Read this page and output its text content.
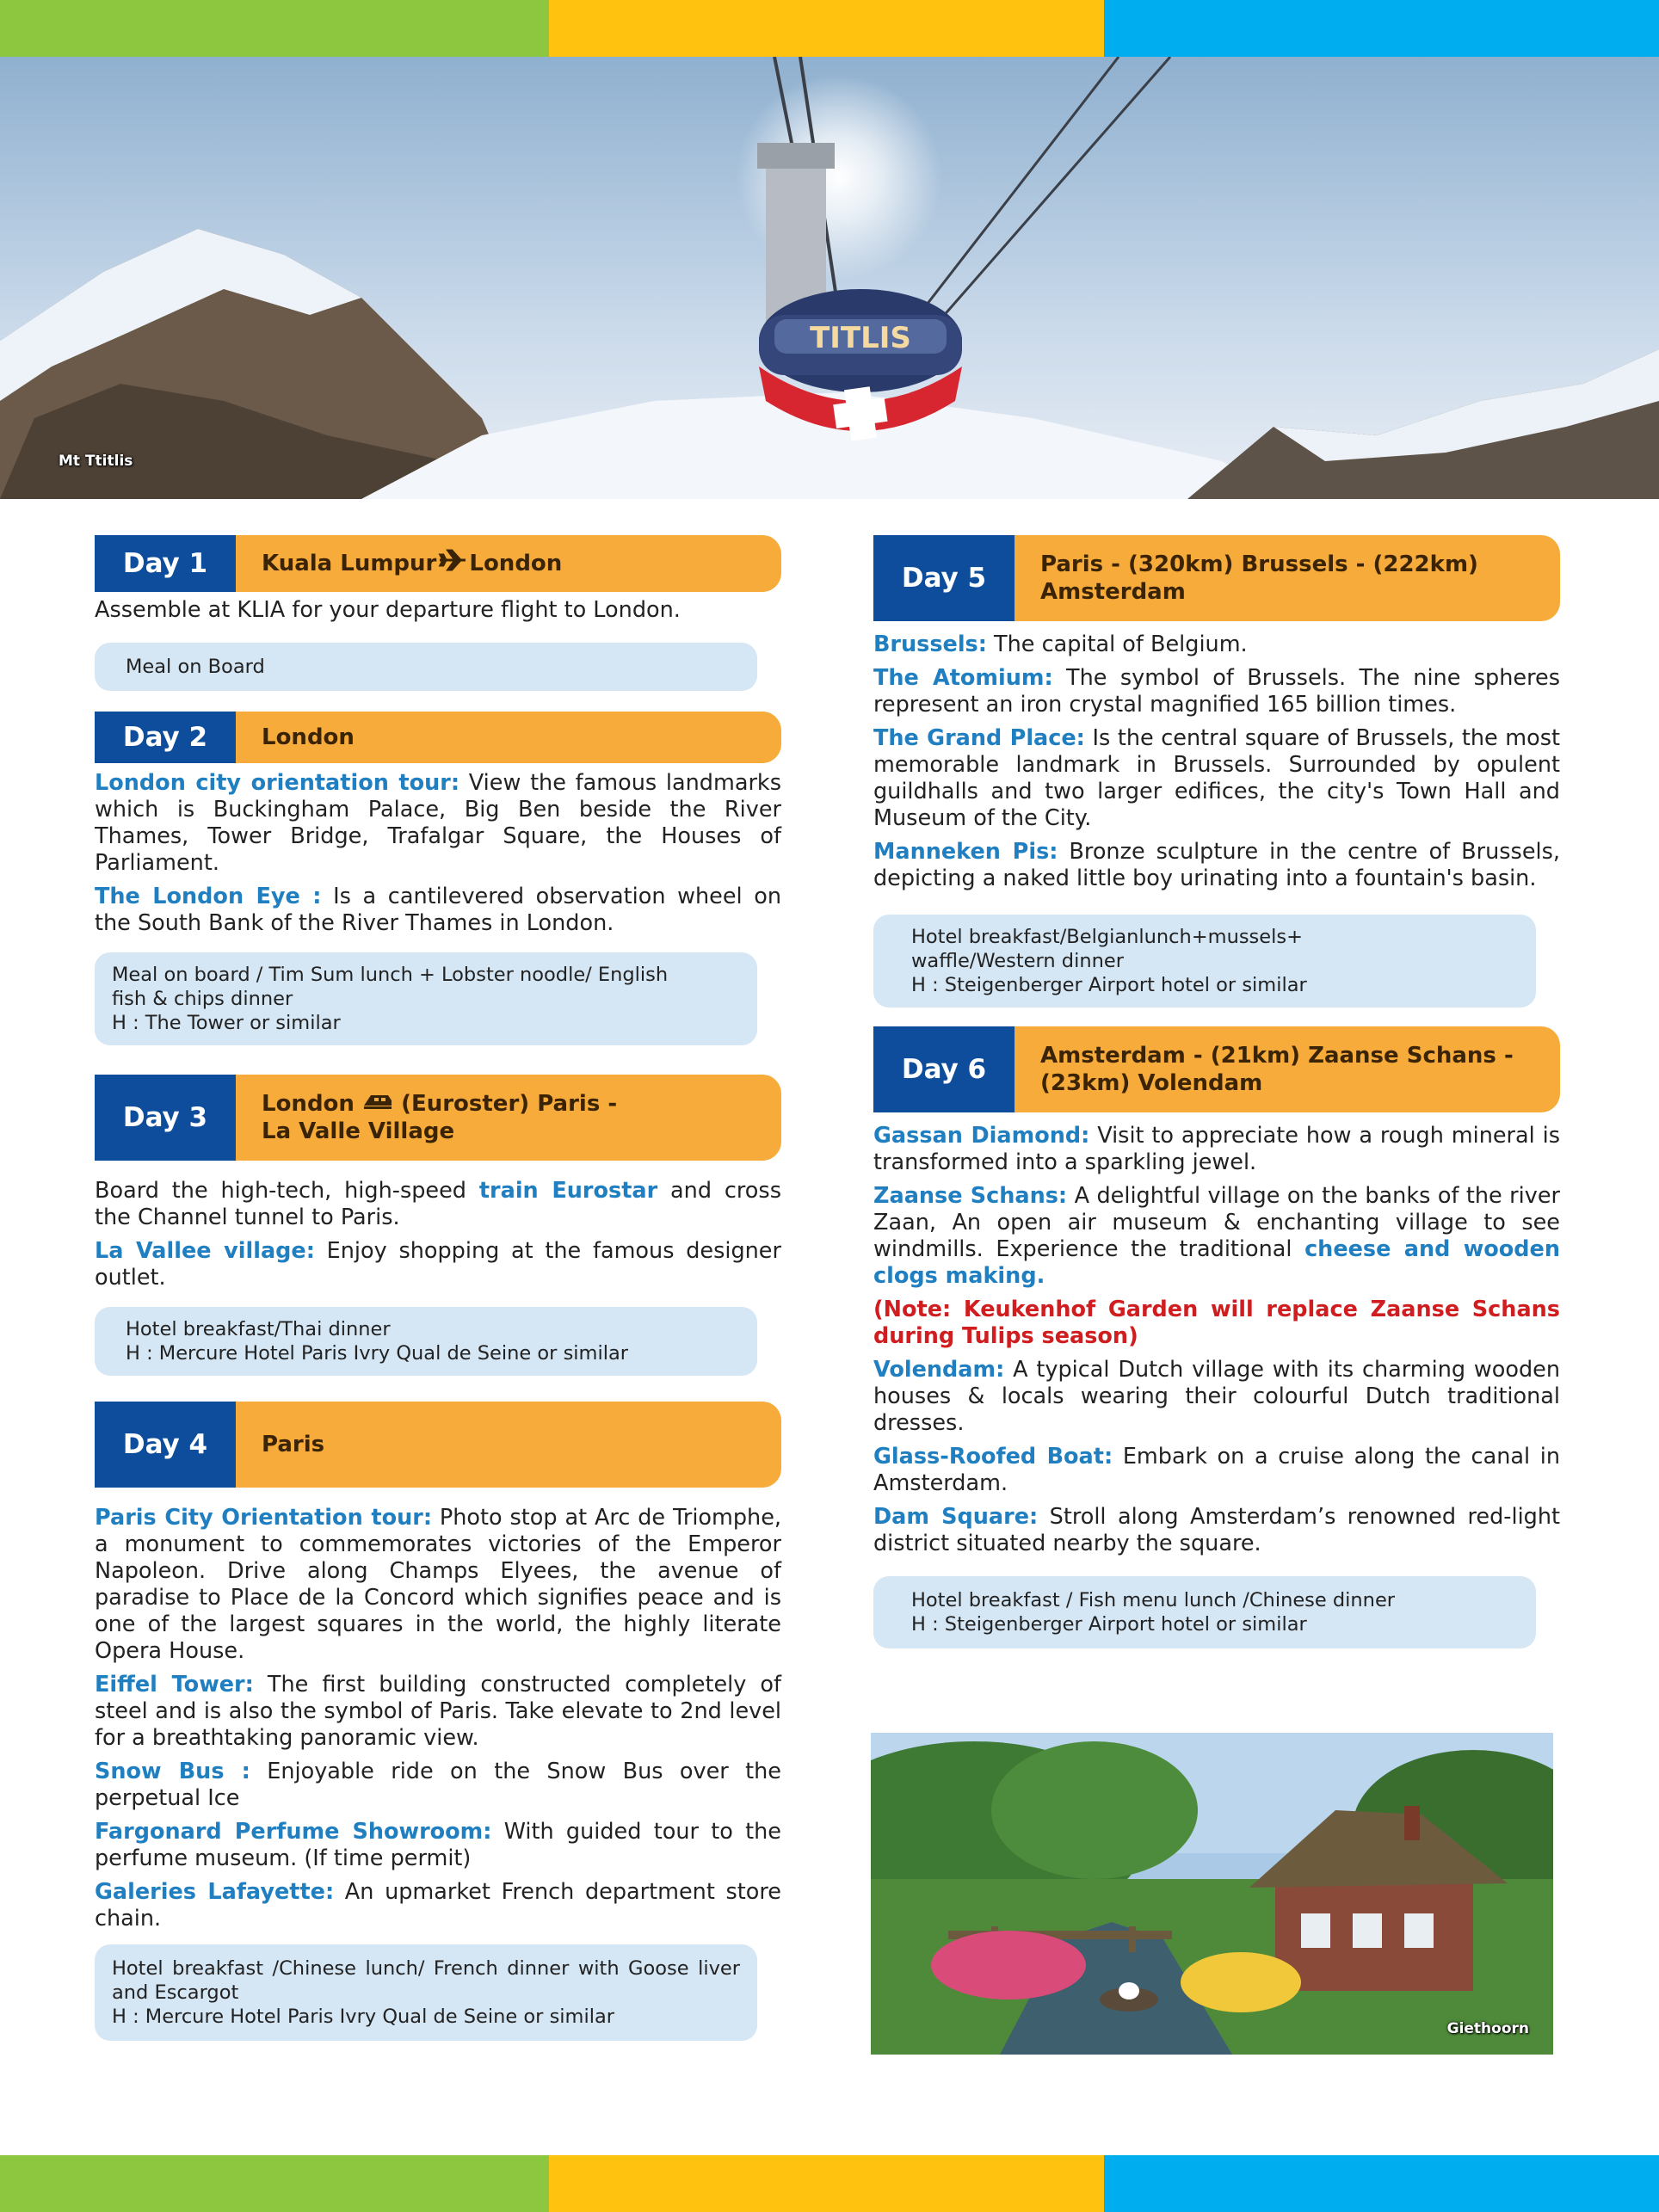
TITLIS
Mt Ttitlis
Day 1	Kuala Lumpur London

Assemble at KLIA for your departure flight to London.

Meal on Board
Day 2	London

London city orientation tour: View the famous landmarks which is Buckingham Palace, Big Ben beside the River Thames, Tower Bridge, Trafalgar Square, the Houses of Parliament.

The London Eye : Is a cantilevered observation wheel on the South Bank of the River Thames in London.

Meal on board / Tim Sum lunch + Lobster noodle/ English
fish & chips dinner
H : The Tower or similar
Day 3	London (Euroster) Paris -
La Valle Village

Board the high-tech, high-speed train Eurostar and cross the Channel tunnel to Paris.

La Vallee village: Enjoy shopping at the famous designer outlet.

Hotel breakfast/Thai dinner
H : Mercure Hotel Paris Ivry Qual de Seine or similar
Day 4	Paris

Paris City Orientation tour: Photo stop at Arc de Triomphe, a monument to commemorates victories of the Emperor Napoleon. Drive along Champs Elyees, the avenue of paradise to Place de la Concord which signifies peace and is one of the largest squares in the world, the highly literate Opera House.

Eiffel Tower: The first building constructed completely of steel and is also the symbol of Paris. Take elevate to 2nd level for a breathtaking panoramic view.

Snow Bus : Enjoyable ride on the Snow Bus over the perpetual Ice

Fargonard Perfume Showroom: With guided tour to the perfume museum. (If time permit)

Galeries Lafayette: An upmarket French department store chain.

Hotel breakfast /Chinese lunch/ French dinner with Goose liver and Escargot
H : Mercure Hotel Paris Ivry Qual de Seine or similar
Day 5	Paris - (320km) Brussels - (222km)
Amsterdam

Brussels: The capital of Belgium.

The Atomium: The symbol of Brussels. The nine spheres represent an iron crystal magnified 165 billion times.

The Grand Place: Is the central square of Brussels, the most memorable landmark in Brussels. Surrounded by opulent guildhalls and two larger edifices, the city's Town Hall and Museum of the City.

Manneken Pis: Bronze sculpture in the centre of Brussels, depicting a naked little boy urinating into a fountain's basin.

Hotel breakfast/Belgianlunch+mussels+
waffle/Western dinner
H : Steigenberger Airport hotel or similar
Day 6	Amsterdam - (21km) Zaanse Schans -
(23km) Volendam

Gassan Diamond: Visit to appreciate how a rough mineral is transformed into a sparkling jewel.

Zaanse Schans: A delightful village on the banks of the river Zaan, An open air museum & enchanting village to see windmills. Experience the traditional cheese and wooden clogs making.

(Note: Keukenhof Garden will replace Zaanse Schans during Tulips season)

Volendam: A typical Dutch village with its charming wooden houses & locals wearing their colourful Dutch traditional dresses.

Glass-Roofed Boat: Embark on a cruise along the canal in Amsterdam.

Dam Square: Stroll along Amsterdam’s renowned red-light district situated nearby the square.

Hotel breakfast / Fish menu lunch /Chinese dinner
H : Steigenberger Airport hotel or similar
Giethoorn
